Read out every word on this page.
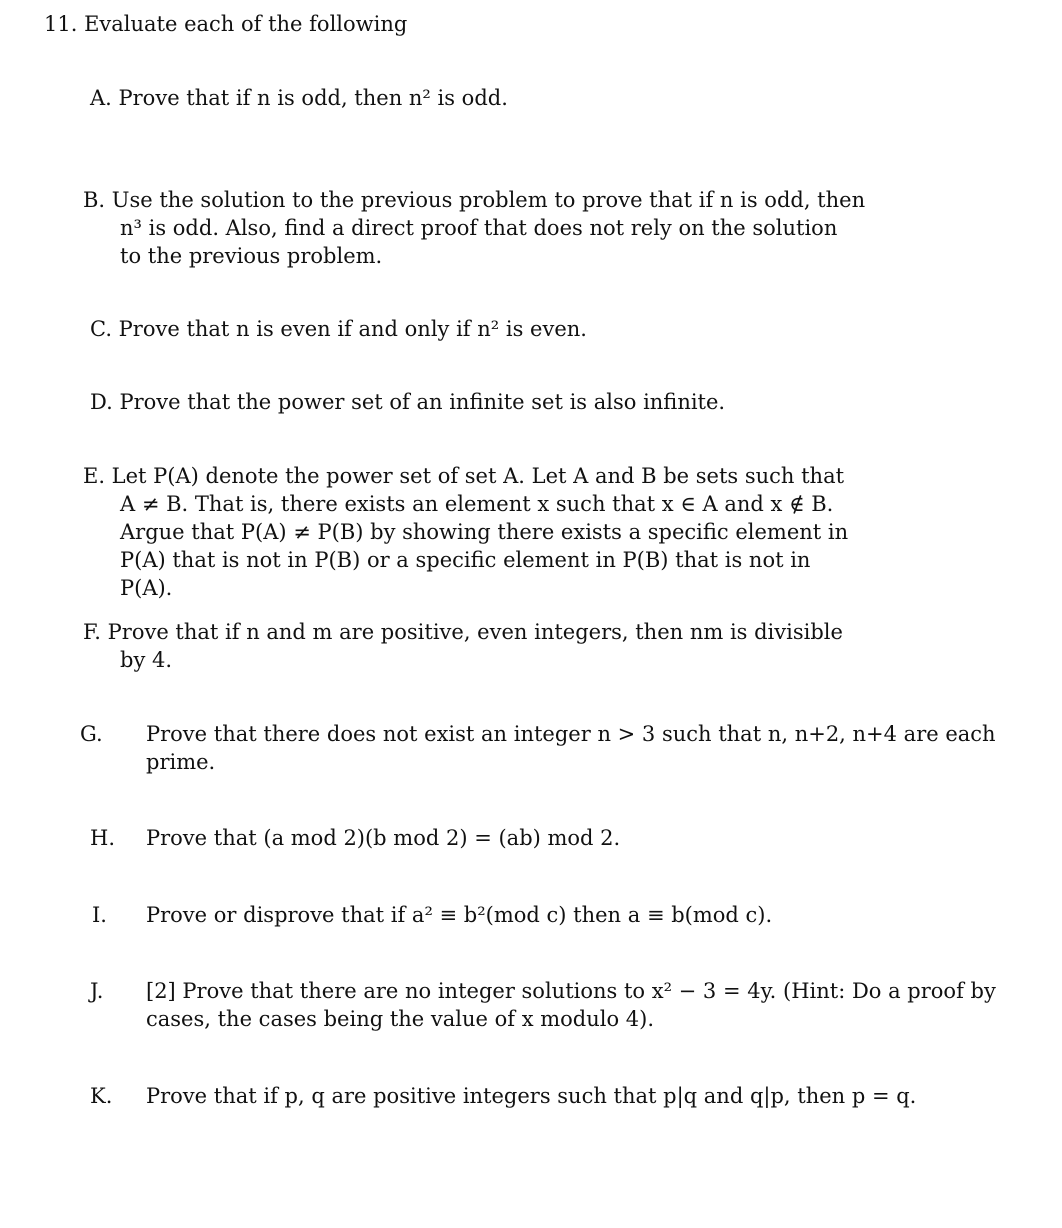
11. Evaluate each of the following
A. Prove that if n is odd, then n² is odd.
B. Use the solution to the previous problem to prove that if n is odd, then
n³ is odd. Also, find a direct proof that does not rely on the solution
to the previous problem.
C. Prove that n is even if and only if n² is even.
D. Prove that the power set of an infinite set is also infinite.
E. Let P(A) denote the power set of set A. Let A and B be sets such that
A ≠ B. That is, there exists an element x such that x ∈ A and x ∉ B.
Argue that P(A) ≠ P(B) by showing there exists a specific element in
P(A) that is not in P(B) or a specific element in P(B) that is not in
P(A).
F. Prove that if n and m are positive, even integers, then nm is divisible
by 4.
G. Prove that there does not exist an integer n > 3 such that n, n+2, n+4 are each
prime.
H. Prove that (a mod 2)(b mod 2) = (ab) mod 2.
I. Prove or disprove that if a² ≡ b²(mod c) then a ≡ b(mod c).
J. [2] Prove that there are no integer solutions to x² − 3 = 4y. (Hint: Do a proof by
cases, the cases being the value of x modulo 4).
K. Prove that if p, q are positive integers such that p|q and q|p, then p = q.
